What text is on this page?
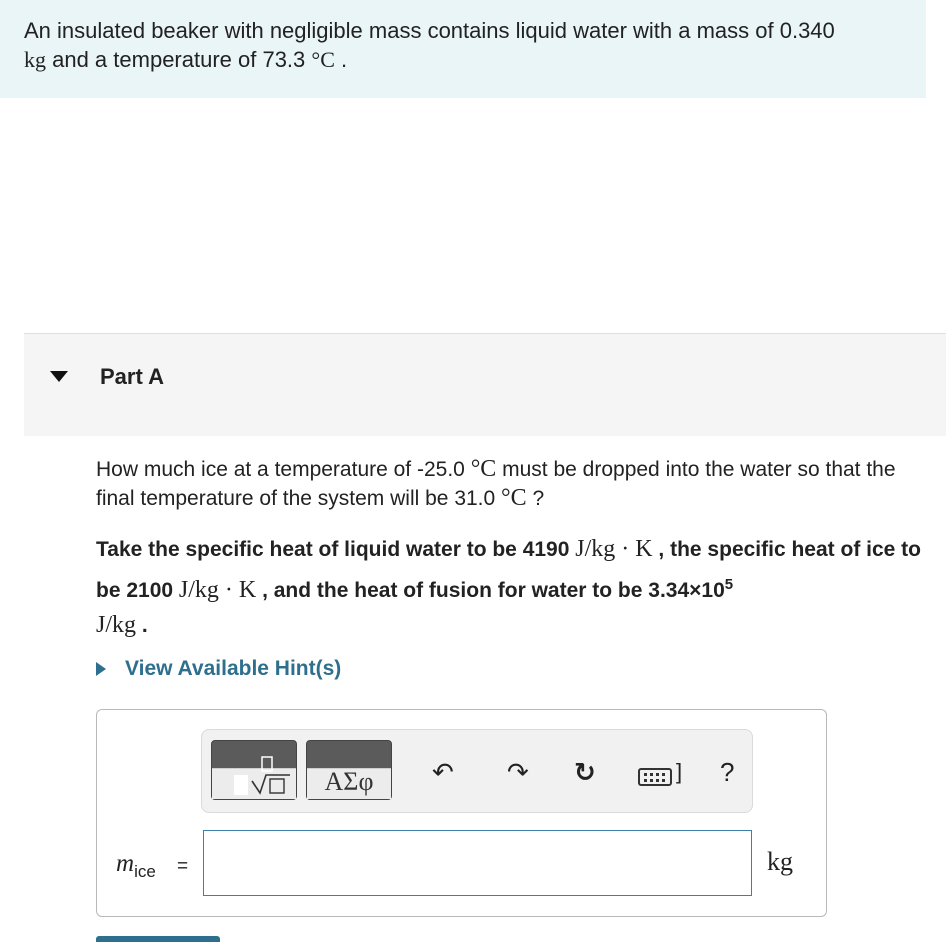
An insulated beaker with negligible mass contains liquid water with a mass of 0.340
kg and a temperature of 73.3 °C .
Part A
How much ice at a temperature of -25.0 °C must be dropped into the water so that the final temperature of the system will be 31.0 °C ?
Take the specific heat of liquid water to be 4190 J/kg · K , the specific heat of ice to be 2100 J/kg · K , and the heat of fusion for water to be $3.34\times 10^5$
J/kg .
View Available Hint(s)
ΑΣφ	↶ ↷ ↻	] ?
$m_{ice}$ =	kg
